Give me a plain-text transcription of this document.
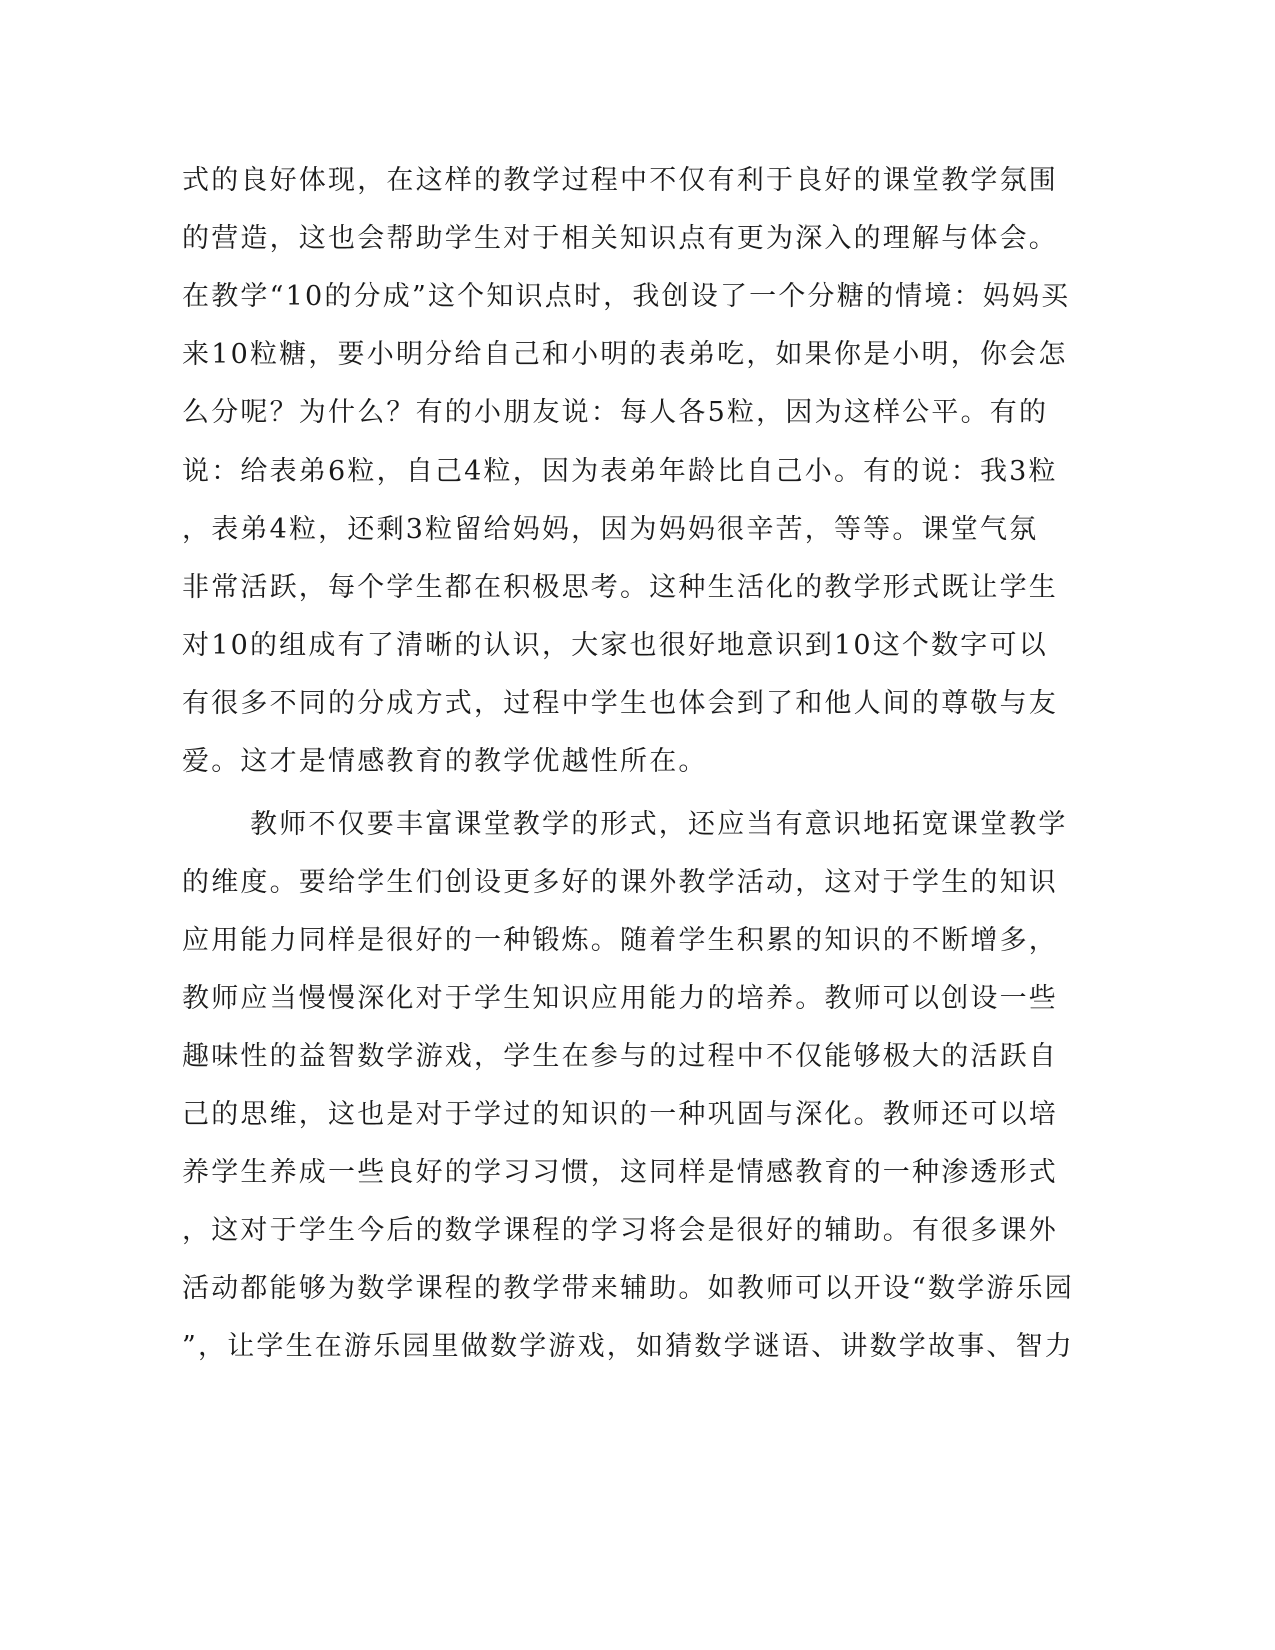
式的良好体现，在这样的教学过程中不仅有利于良好的课堂教学氛围
的营造，这也会帮助学生对于相关知识点有更为深入的理解与体会。
在教学“10的分成”这个知识点时，我创设了一个分糖的情境：妈妈买
来10粒糖，要小明分给自己和小明的表弟吃，如果你是小明，你会怎
么分呢？为什么？有的小朋友说：每人各5粒，因为这样公平。有的
说：给表弟6粒，自己4粒，因为表弟年龄比自己小。有的说：我3粒
，表弟4粒，还剩3粒留给妈妈，因为妈妈很辛苦，等等。课堂气氛
非常活跃，每个学生都在积极思考。这种生活化的教学形式既让学生
对10的组成有了清晰的认识，大家也很好地意识到10这个数字可以
有很多不同的分成方式，过程中学生也体会到了和他人间的尊敬与友
爱。这才是情感教育的教学优越性所在。
教师不仅要丰富课堂教学的形式，还应当有意识地拓宽课堂教学
的维度。要给学生们创设更多好的课外教学活动，这对于学生的知识
应用能力同样是很好的一种锻炼。随着学生积累的知识的不断增多，
教师应当慢慢深化对于学生知识应用能力的培养。教师可以创设一些
趣味性的益智数学游戏，学生在参与的过程中不仅能够极大的活跃自
己的思维，这也是对于学过的知识的一种巩固与深化。教师还可以培
养学生养成一些良好的学习习惯，这同样是情感教育的一种渗透形式
，这对于学生今后的数学课程的学习将会是很好的辅助。有很多课外
活动都能够为数学课程的教学带来辅助。如教师可以开设“数学游乐园
”，让学生在游乐园里做数学游戏，如猜数学谜语、讲数学故事、智力
